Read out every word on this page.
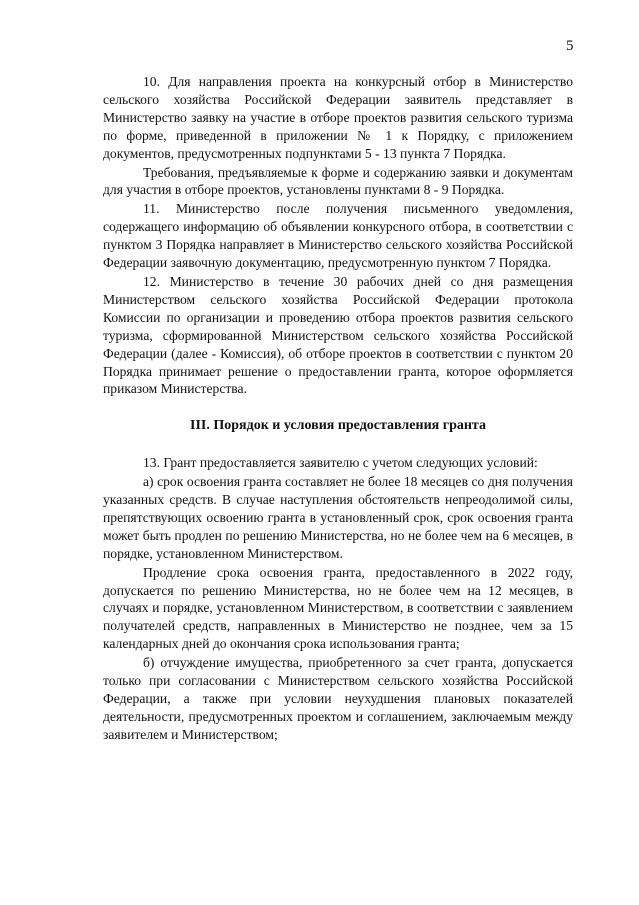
5

10. Для направления проекта на конкурсный отбор в Министерство сельского хозяйства Российской Федерации заявитель представляет в Министерство заявку на участие в отборе проектов развития сельского туризма по форме, приведенной в приложении № 1 к Порядку, с приложением документов, предусмотренных подпунктами 5 - 13 пункта 7 Порядка.

Требования, предъявляемые к форме и содержанию заявки и документам для участия в отборе проектов, установлены пунктами 8 - 9 Порядка.

11. Министерство после получения письменного уведомления, содержащего информацию об объявлении конкурсного отбора, в соответствии с пунктом 3 Порядка направляет в Министерство сельского хозяйства Российской Федерации заявочную документацию, предусмотренную пунктом 7 Порядка.

12. Министерство в течение 30 рабочих дней со дня размещения Министерством сельского хозяйства Российской Федерации протокола Комиссии по организации и проведению отбора проектов развития сельского туризма, сформированной Министерством сельского хозяйства Российской Федерации (далее - Комиссия), об отборе проектов в соответствии с пунктом 20 Порядка принимает решение о предоставлении гранта, которое оформляется приказом Министерства.

III. Порядок и условия предоставления гранта

13. Грант предоставляется заявителю с учетом следующих условий:

а) срок освоения гранта составляет не более 18 месяцев со дня получения указанных средств. В случае наступления обстоятельств непреодолимой силы, препятствующих освоению гранта в установленный срок, срок освоения гранта может быть продлен по решению Министерства, но не более чем на 6 месяцев, в порядке, установленном Министерством.

Продление срока освоения гранта, предоставленного в 2022 году, допускается по решению Министерства, но не более чем на 12 месяцев, в случаях и порядке, установленном Министерством, в соответствии с заявлением получателей средств, направленных в Министерство не позднее, чем за 15 календарных дней до окончания срока использования гранта;

б) отчуждение имущества, приобретенного за счет гранта, допускается только при согласовании с Министерством сельского хозяйства Российской Федерации, а также при условии неухудшения плановых показателей деятельности, предусмотренных проектом и соглашением, заключаемым между заявителем и Министерством;
